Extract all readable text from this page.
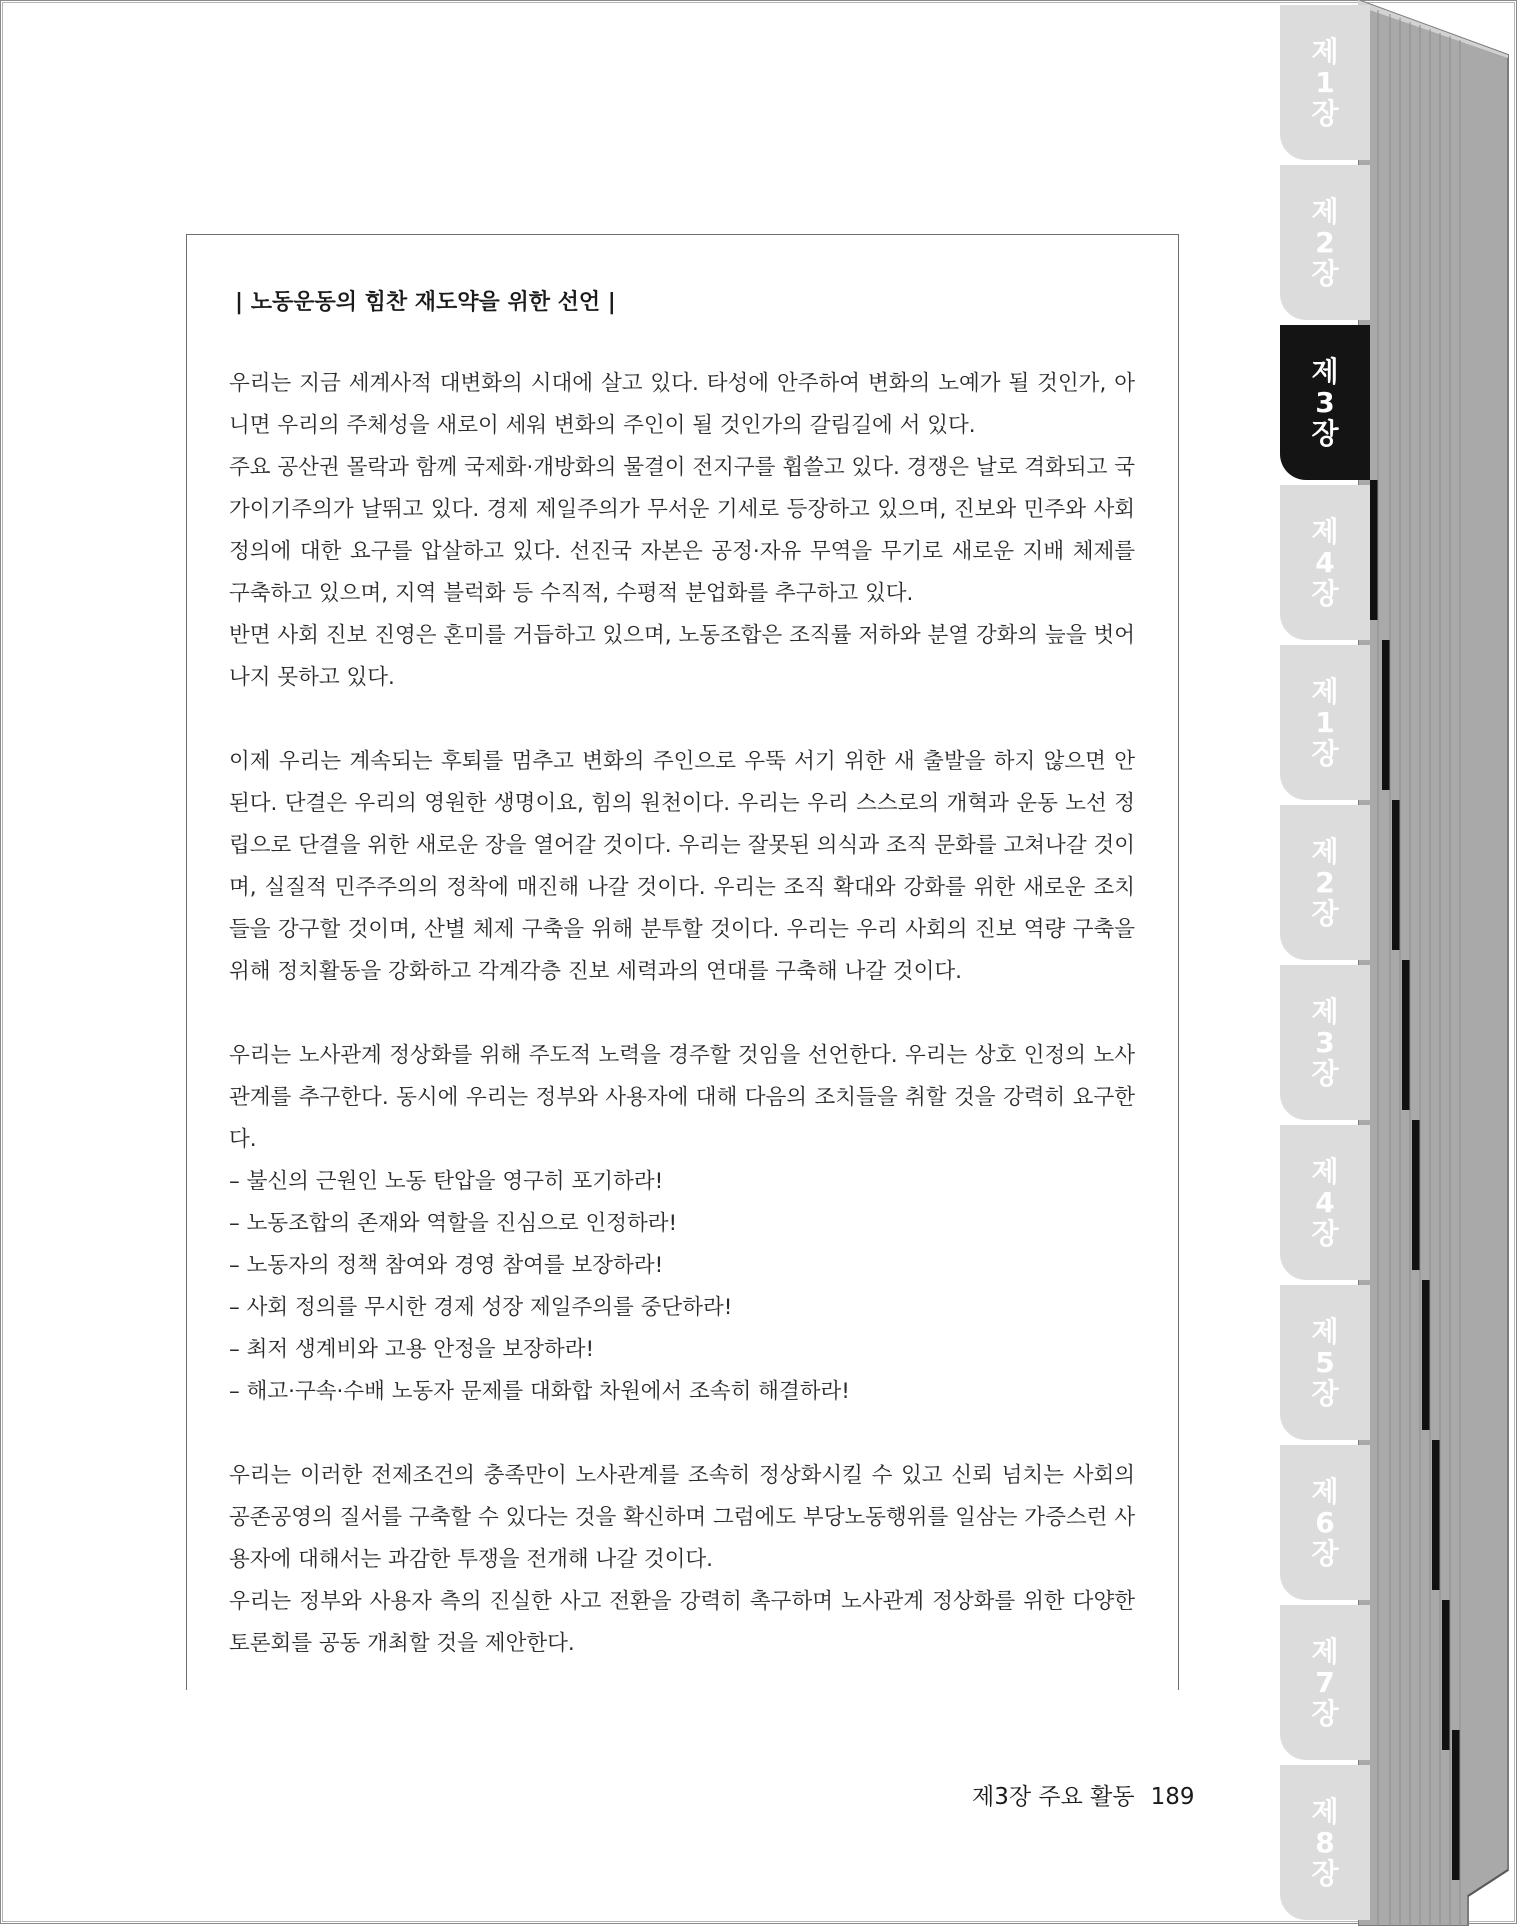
제
1
장
제
2
장
제
3
장
제
4
장
제
1
장
제
2
장
제
3
장
제
4
장
제
5
장
제
6
장
제
7
장
제
8
장
| 노동운동의 힘찬 재도약을 위한 선언 |

우리는 지금 세계사적 대변화의 시대에 살고 있다. 타성에 안주하여 변화의 노예가 될 것인가, 아니면 우리의 주체성을 새로이 세워 변화의 주인이 될 것인가의 갈림길에 서 있다.

주요 공산권 몰락과 함께 국제화·개방화의 물결이 전지구를 휩쓸고 있다. 경쟁은 날로 격화되고 국가이기주의가 날뛰고 있다. 경제 제일주의가 무서운 기세로 등장하고 있으며, 진보와 민주와 사회 정의에 대한 요구를 압살하고 있다. 선진국 자본은 공정·자유 무역을 무기로 새로운 지배 체제를 구축하고 있으며, 지역 블럭화 등 수직적, 수평적 분업화를 추구하고 있다.

반면 사회 진보 진영은 혼미를 거듭하고 있으며, 노동조합은 조직률 저하와 분열 강화의 늪을 벗어나지 못하고 있다.

이제 우리는 계속되는 후퇴를 멈추고 변화의 주인으로 우뚝 서기 위한 새 출발을 하지 않으면 안 된다. 단결은 우리의 영원한 생명이요, 힘의 원천이다. 우리는 우리 스스로의 개혁과 운동 노선 정립으로 단결을 위한 새로운 장을 열어갈 것이다. 우리는 잘못된 의식과 조직 문화를 고쳐나갈 것이며, 실질적 민주주의의 정착에 매진해 나갈 것이다. 우리는 조직 확대와 강화를 위한 새로운 조치들을 강구할 것이며, 산별 체제 구축을 위해 분투할 것이다. 우리는 우리 사회의 진보 역량 구축을 위해 정치활동을 강화하고 각계각층 진보 세력과의 연대를 구축해 나갈 것이다.

우리는 노사관계 정상화를 위해 주도적 노력을 경주할 것임을 선언한다. 우리는 상호 인정의 노사관계를 추구한다. 동시에 우리는 정부와 사용자에 대해 다음의 조치들을 취할 것을 강력히 요구한다.

– 불신의 근원인 노동 탄압을 영구히 포기하라!

– 노동조합의 존재와 역할을 진심으로 인정하라!

– 노동자의 정책 참여와 경영 참여를 보장하라!

– 사회 정의를 무시한 경제 성장 제일주의를 중단하라!

– 최저 생계비와 고용 안정을 보장하라!

– 해고·구속·수배 노동자 문제를 대화합 차원에서 조속히 해결하라!

우리는 이러한 전제조건의 충족만이 노사관계를 조속히 정상화시킬 수 있고 신뢰 넘치는 사회의 공존공영의 질서를 구축할 수 있다는 것을 확신하며 그럼에도 부당노동행위를 일삼는 가증스런 사용자에 대해서는 과감한 투쟁을 전개해 나갈 것이다.

우리는 정부와 사용자 측의 진실한 사고 전환을 강력히 촉구하며 노사관계 정상화를 위한 다양한 토론회를 공동 개최할 것을 제안한다.

제3장 주요 활동 189
